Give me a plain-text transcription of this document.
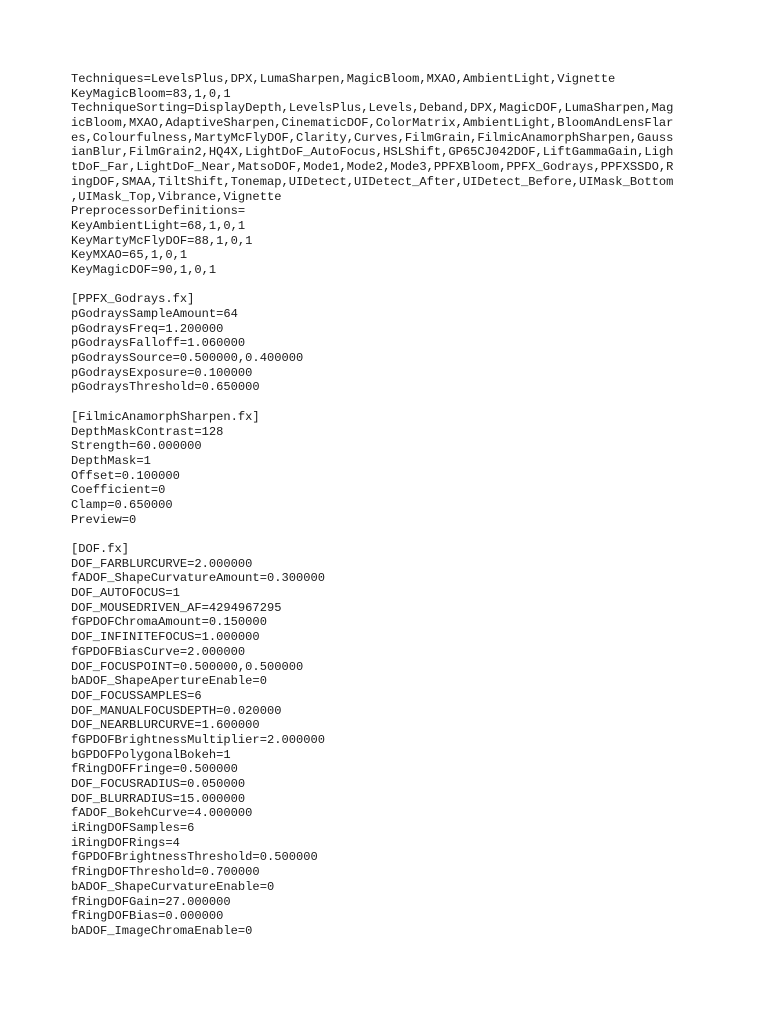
Techniques=LevelsPlus,DPX,LumaSharpen,MagicBloom,MXAO,AmbientLight,Vignette
KeyMagicBloom=83,1,0,1
TechniqueSorting=DisplayDepth,LevelsPlus,Levels,Deband,DPX,MagicDOF,LumaSharpen,Mag
icBloom,MXAO,AdaptiveSharpen,CinematicDOF,ColorMatrix,AmbientLight,BloomAndLensFlar
es,Colourfulness,MartyMcFlyDOF,Clarity,Curves,FilmGrain,FilmicAnamorphSharpen,Gauss
ianBlur,FilmGrain2,HQ4X,LightDoF_AutoFocus,HSLShift,GP65CJ042DOF,LiftGammaGain,Ligh
tDoF_Far,LightDoF_Near,MatsoDOF,Mode1,Mode2,Mode3,PPFXBloom,PPFX_Godrays,PPFXSSDO,R
ingDOF,SMAA,TiltShift,Tonemap,UIDetect,UIDetect_After,UIDetect_Before,UIMask_Bottom
,UIMask_Top,Vibrance,Vignette
PreprocessorDefinitions=
KeyAmbientLight=68,1,0,1
KeyMartyMcFlyDOF=88,1,0,1
KeyMXAO=65,1,0,1
KeyMagicDOF=90,1,0,1
[PPFX_Godrays.fx]
pGodraysSampleAmount=64
pGodraysFreq=1.200000
pGodraysFalloff=1.060000
pGodraysSource=0.500000,0.400000
pGodraysExposure=0.100000
pGodraysThreshold=0.650000
[FilmicAnamorphSharpen.fx]
DepthMaskContrast=128
Strength=60.000000
DepthMask=1
Offset=0.100000
Coefficient=0
Clamp=0.650000
Preview=0
[DOF.fx]
DOF_FARBLURCURVE=2.000000
fADOF_ShapeCurvatureAmount=0.300000
DOF_AUTOFOCUS=1
DOF_MOUSEDRIVEN_AF=4294967295
fGPDOFChromaAmount=0.150000
DOF_INFINITEFOCUS=1.000000
fGPDOFBiasCurve=2.000000
DOF_FOCUSPOINT=0.500000,0.500000
bADOF_ShapeApertureEnable=0
DOF_FOCUSSAMPLES=6
DOF_MANUALFOCUSDEPTH=0.020000
DOF_NEARBLURCURVE=1.600000
fGPDOFBrightnessMultiplier=2.000000
bGPDOFPolygonalBokeh=1
fRingDOFFringe=0.500000
DOF_FOCUSRADIUS=0.050000
DOF_BLURRADIUS=15.000000
fADOF_BokehCurve=4.000000
iRingDOFSamples=6
iRingDOFRings=4
fGPDOFBrightnessThreshold=0.500000
fRingDOFThreshold=0.700000
bADOF_ShapeCurvatureEnable=0
fRingDOFGain=27.000000
fRingDOFBias=0.000000
bADOF_ImageChromaEnable=0
